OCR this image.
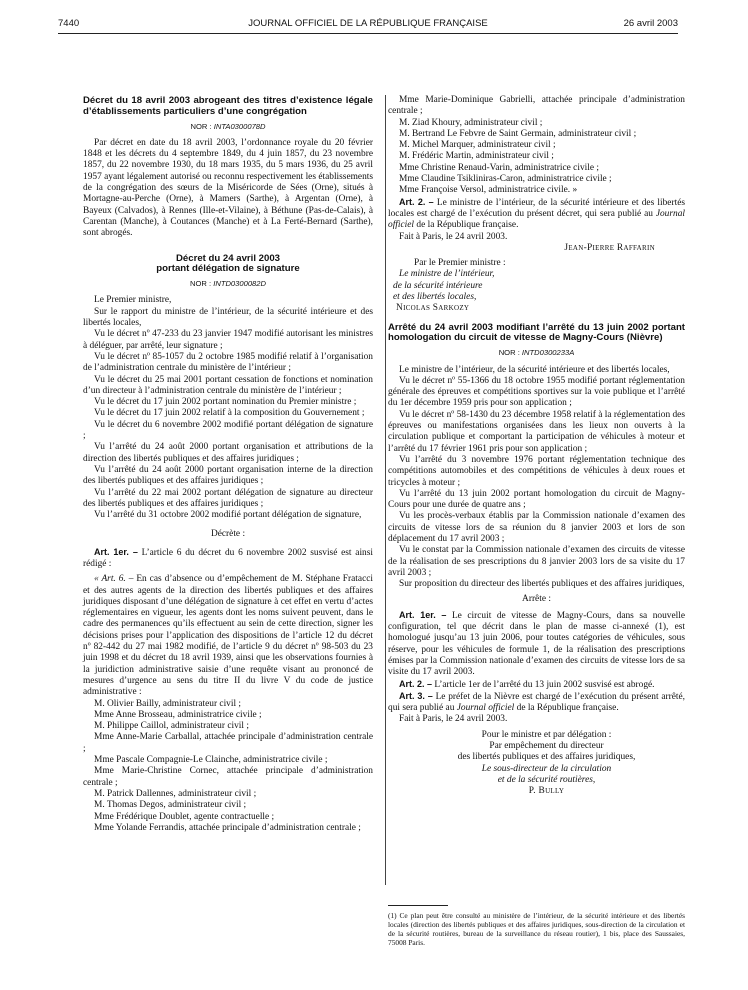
7440	JOURNAL OFFICIEL DE LA RÉPUBLIQUE FRANÇAISE	26 avril 2003

Décret du 18 avril 2003 abrogeant des titres d’existence légale d’établissements particuliers d’une congrégation

NOR : INTA0300078D

Par décret en date du 18 avril 2003, l’ordonnance royale du 20 février 1848 et les décrets du 4 septembre 1849, du 4 juin 1857, du 23 novembre 1857, du 22 novembre 1930, du 18 mars 1935, du 5 mars 1936, du 25 avril 1957 ayant légalement autorisé ou reconnu respectivement les établissements de la congrégation des sœurs de la Miséricorde de Sées (Orne), situés à Mortagne-au-Perche (Orne), à Mamers (Sarthe), à Argentan (Orne), à Bayeux (Calvados), à Rennes (Ille-et-Vilaine), à Béthune (Pas-de-Calais), à Carentan (Manche), à Coutances (Manche) et à La Ferté-Bernard (Sarthe), sont abrogés.

Décret du 24 avril 2003

portant délégation de signature

NOR : INTD0300082D

Le Premier ministre,

Sur le rapport du ministre de l’intérieur, de la sécurité intérieure et des libertés locales,

Vu le décret nº 47-233 du 23 janvier 1947 modifié autorisant les ministres à déléguer, par arrêté, leur signature ;

Vu le décret nº 85-1057 du 2 octobre 1985 modifié relatif à l’organisation de l’administration centrale du ministère de l’intérieur ;

Vu le décret du 25 mai 2001 portant cessation de fonctions et nomination d’un directeur à l’administration centrale du ministère de l’intérieur ;

Vu le décret du 17 juin 2002 portant nomination du Premier ministre ;

Vu le décret du 17 juin 2002 relatif à la composition du Gouvernement ;

Vu le décret du 6 novembre 2002 modifié portant délégation de signature ;

Vu l’arrêté du 24 août 2000 portant organisation et attributions de la direction des libertés publiques et des affaires juridiques ;

Vu l’arrêté du 24 août 2000 portant organisation interne de la direction des libertés publiques et des affaires juridiques ;

Vu l’arrêté du 22 mai 2002 portant délégation de signature au directeur des libertés publiques et des affaires juridiques ;

Vu l’arrêté du 31 octobre 2002 modifié portant délégation de signature,

Décrète :

Art. 1er. – L’article 6 du décret du 6 novembre 2002 susvisé est ainsi rédigé :

« Art. 6. – En cas d’absence ou d’empêchement de M. Stéphane Fratacci et des autres agents de la direction des libertés publiques et des affaires juridiques disposant d’une délégation de signature à cet effet en vertu d’actes réglementaires en vigueur, les agents dont les noms suivent peuvent, dans le cadre des permanences qu’ils effectuent au sein de cette direction, signer les décisions prises pour l’application des dispositions de l’article 12 du décret nº 82-442 du 27 mai 1982 modifié, de l’article 9 du décret nº 98-503 du 23 juin 1998 et du décret du 18 avril 1939, ainsi que les observations fournies à la juridiction administrative saisie d’une requête visant au prononcé de mesures d’urgence au sens du titre II du livre V du code de justice administrative :

M. Olivier Bailly, administrateur civil ;

Mme Anne Brosseau, administratrice civile ;

M. Philippe Caillol, administrateur civil ;

Mme Anne-Marie Carballal, attachée principale d’administration centrale ;

Mme Pascale Compagnie-Le Clainche, administratrice civile ;

Mme Marie-Christine Cornec, attachée principale d’administration centrale ;

M. Patrick Dallennes, administrateur civil ;

M. Thomas Degos, administrateur civil ;

Mme Frédérique Doublet, agente contractuelle ;

Mme Yolande Ferrandis, attachée principale d’administration centrale ;

Mme Marie-Dominique Gabrielli, attachée principale d’administration centrale ;

M. Ziad Khoury, administrateur civil ;

M. Bertrand Le Febvre de Saint Germain, administrateur civil ;

M. Michel Marquer, administrateur civil ;

M. Frédéric Martin, administrateur civil ;

Mme Christine Renaud-Varin, administratrice civile ;

Mme Claudine Tsikliniras-Caron, administratrice civile ;

Mme Françoise Versol, administratrice civile. »

Art. 2. – Le ministre de l’intérieur, de la sécurité intérieure et des libertés locales est chargé de l’exécution du présent décret, qui sera publié au Journal officiel de la République française.

Fait à Paris, le 24 avril 2003.

Jean-Pierre Raffarin

Par le Premier ministre :

Le ministre de l’intérieur,

de la sécurité intérieure

et des libertés locales,

Nicolas Sarkozy

Arrêté du 24 avril 2003 modifiant l’arrêté du 13 juin 2002 portant homologation du circuit de vitesse de Magny-Cours (Nièvre)

NOR : INTD0300233A

Le ministre de l’intérieur, de la sécurité intérieure et des libertés locales,

Vu le décret nº 55-1366 du 18 octobre 1955 modifié portant réglementation générale des épreuves et compétitions sportives sur la voie publique et l’arrêté du 1er décembre 1959 pris pour son application ;

Vu le décret nº 58-1430 du 23 décembre 1958 relatif à la réglementation des épreuves ou manifestations organisées dans les lieux non ouverts à la circulation publique et comportant la participation de véhicules à moteur et l’arrêté du 17 février 1961 pris pour son application ;

Vu l’arrêté du 3 novembre 1976 portant réglementation technique des compétitions automobiles et des compétitions de véhicules à deux roues et tricycles à moteur ;

Vu l’arrêté du 13 juin 2002 portant homologation du circuit de Magny-Cours pour une durée de quatre ans ;

Vu les procès-verbaux établis par la Commission nationale d’examen des circuits de vitesse lors de sa réunion du 8 janvier 2003 et lors de son déplacement du 17 avril 2003 ;

Vu le constat par la Commission nationale d’examen des circuits de vitesse de la réalisation de ses prescriptions du 8 janvier 2003 lors de sa visite du 17 avril 2003 ;

Sur proposition du directeur des libertés publiques et des affaires juridiques,

Arrête :

Art. 1er. – Le circuit de vitesse de Magny-Cours, dans sa nouvelle configuration, tel que décrit dans le plan de masse ci-annexé (1), est homologué jusqu’au 13 juin 2006, pour toutes catégories de véhicules, sous réserve, pour les véhicules de formule 1, de la réalisation des prescriptions émises par la Commission nationale d’examen des circuits de vitesse lors de sa visite du 17 avril 2003.

Art. 2. – L’article 1er de l’arrêté du 13 juin 2002 susvisé est abrogé.

Art. 3. – Le préfet de la Nièvre est chargé de l’exécution du présent arrêté, qui sera publié au Journal officiel de la République française.

Fait à Paris, le 24 avril 2003.

Pour le ministre et par délégation :

Par empêchement du directeur

des libertés publiques et des affaires juridiques,

Le sous-directeur de la circulation

et de la sécurité routières,

P. Bully

(1) Ce plan peut être consulté au ministère de l’intérieur, de la sécurité intérieure et des libertés locales (direction des libertés publiques et des affaires juridiques, sous-direction de la circulation et de la sécurité routières, bureau de la surveillance du réseau routier), 1 bis, place des Saussaies, 75008 Paris.
